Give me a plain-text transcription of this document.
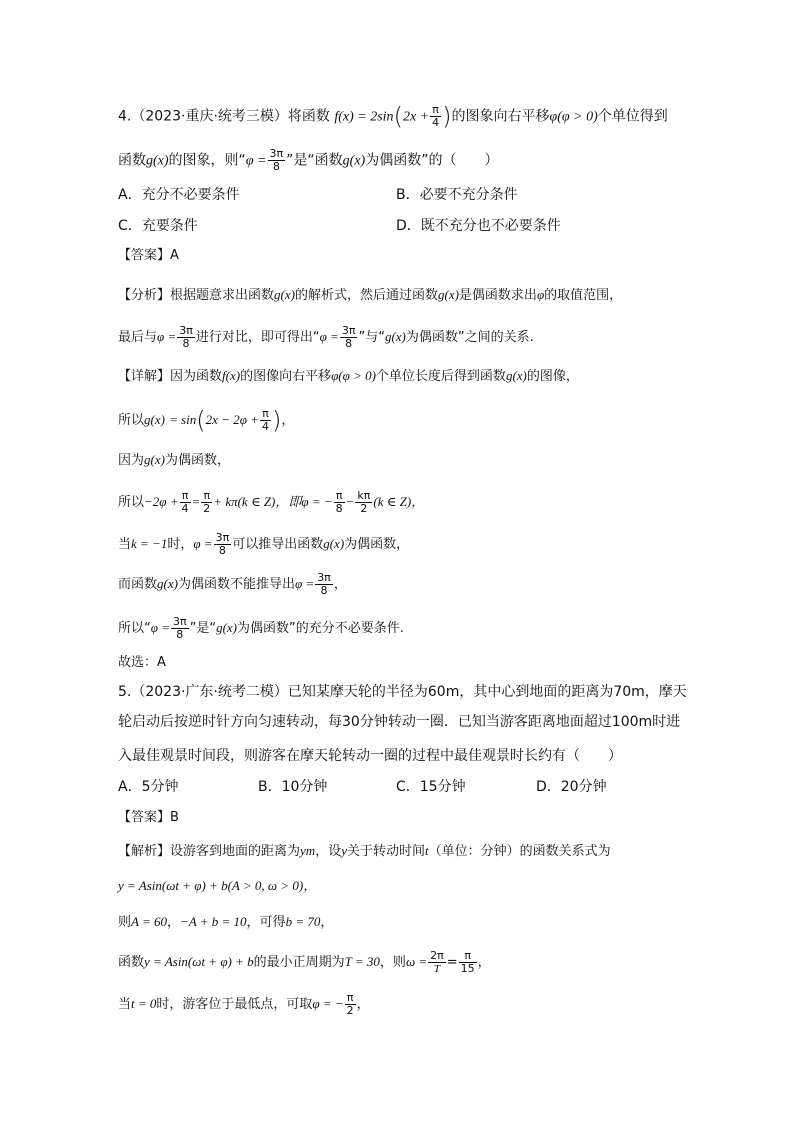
4.（2023·重庆·统考三模）将函数 $f(x) = 2\sin(2x + \frac{\pi}{4}$ )的图象向右平移φ(φ > 0)个单位得到
函数g(x)的图象，则“$\varphi = \frac{3\pi}{8}$ ”是“函数g(x)为偶函数”的（　　）
A．充分不必要条件	B．必要不充分条件
C．充要条件	D．既不充分也不必要条件
【答案】A
【分析】根据题意求出函数g(x)的解析式，然后通过函数g(x)是偶函数求出φ的取值范围，
最后与$\varphi = \frac{3\pi}{8}$ 进行对比，即可得出“$\varphi = \frac{3\pi}{8}$ ”与“g(x)为偶函数”之间的关系.
【详解】因为函数f(x)的图像向右平移φ(φ > 0)个单位长度后得到函数g(x)的图像，
所以$g(x) = \sin(2x - 2\varphi + \frac{\pi}{4}$ )，
因为g(x)为偶函数，
所以$-2\varphi + \frac{\pi}{4} = \frac{\pi}{2} + k\pi(k$ ∈ Z)，即φ = − $\frac{\pi}{8} - \frac{k\pi}{2} (k$ ∈ Z)，
当k = −1时，$\varphi = \frac{3\pi}{8}$ 可以推导出函数g(x)为偶函数，
而函数g(x)为偶函数不能推导出$\varphi = \frac{3\pi}{8}$ ，
所以“$\varphi = \frac{3\pi}{8}$ ”是“g(x)为偶函数”的充分不必要条件.
故选：A
5.（2023·广东·统考二模）已知某摩天轮的半径为60m，其中心到地面的距离为70m，摩天
轮启动后按逆时针方向匀速转动，每30分钟转动一圈．已知当游客距离地面超过100m时进
入最佳观景时间段，则游客在摩天轮转动一圈的过程中最佳观景时长约有（　　）
A．5分钟	B．10分钟	C．15分钟	D．20分钟
【答案】B
【解析】设游客到地面的距离为ym，设y关于转动时间t（单位：分钟）的函数关系式为
y = Asin(ωt + φ) + b(A > 0, ω > 0)，
则A = 60，−A + b = 10，可得b = 70，
函数y = Asin(ωt + φ) + b的最小正周期为T = 30，则$\omega = \frac{2\pi}{T} = \frac{\pi}{15}$ ，
当t = 0时，游客位于最低点，可取φ = − $\frac{\pi}{2}$ ，
